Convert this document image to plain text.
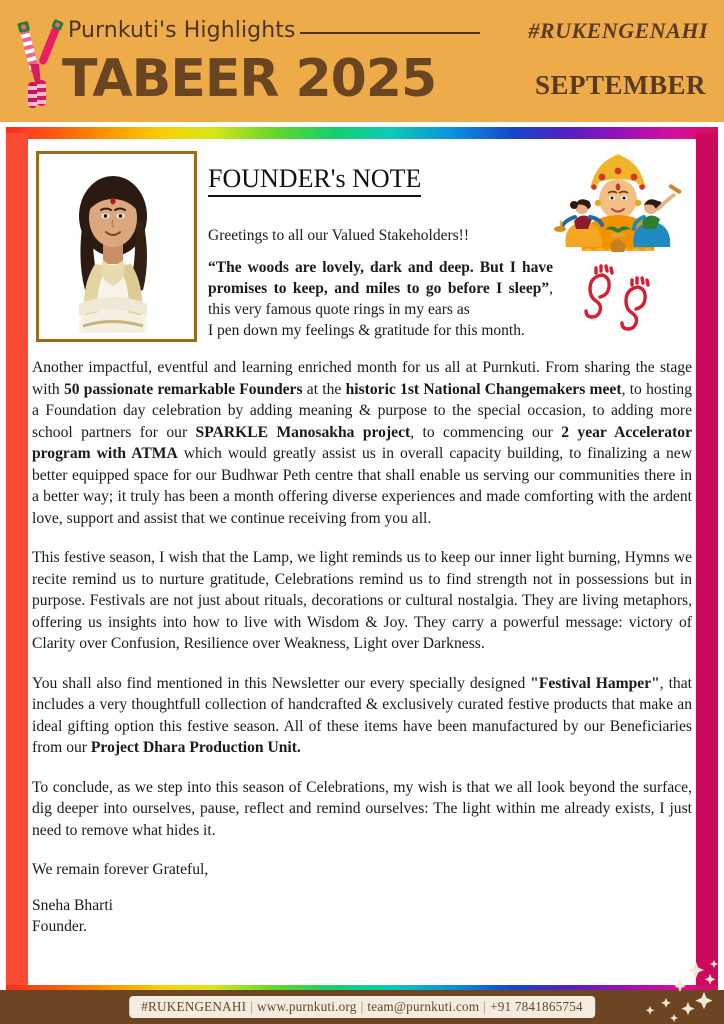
Purnkuti's Highlights	#RUKENGENAHI
TABEER 2025	SEPTEMBER
FOUNDER's NOTE
Greetings to all our Valued Stakeholders!!
“The woods are lovely, dark and deep. But I have promises to keep, and miles to go before I sleep”, this very famous quote rings in my ears as
I pen down my feelings & gratitude for this month.

Another impactful, eventful and learning enriched month for us all at Purnkuti. From sharing the stage with 50 passionate remarkable Founders at the historic 1st National Changemakers meet, to hosting a Foundation day celebration by adding meaning & purpose to the special occasion, to adding more school partners for our SPARKLE Manosakha project, to commencing our 2 year Accelerator program with ATMA which would greatly assist us in overall capacity building, to finalizing a new better equipped space for our Budhwar Peth centre that shall enable us serving our communities there in a better way; it truly has been a month offering diverse experiences and made comforting with the ardent love, support and assist that we continue receiving from you all.

This festive season, I wish that the Lamp, we light reminds us to keep our inner light burning, Hymns we recite remind us to nurture gratitude, Celebrations remind us to find strength not in possessions but in purpose. Festivals are not just about rituals, decorations or cultural nostalgia. They are living metaphors, offering us insights into how to live with Wisdom & Joy. They carry a powerful message: victory of Clarity over Confusion, Resilience over Weakness, Light over Darkness.

You shall also find mentioned in this Newsletter our every specially designed "Festival Hamper", that includes a very thoughtfull collection of handcrafted & exclusively curated festive products that make an ideal gifting option this festive season. All of these items have been manufactured by our Beneficiaries from our Project Dhara Production Unit.

To conclude, as we step into this season of Celebrations, my wish is that we all look beyond the surface, dig deeper into ourselves, pause, reflect and remind ourselves: The light within me already exists, I just need to remove what hides it.

We remain forever Grateful,

Sneha Bharti
Founder.
#RUKENGENAHI | www.purnkuti.org | team@purnkuti.com | +91 7841865754
